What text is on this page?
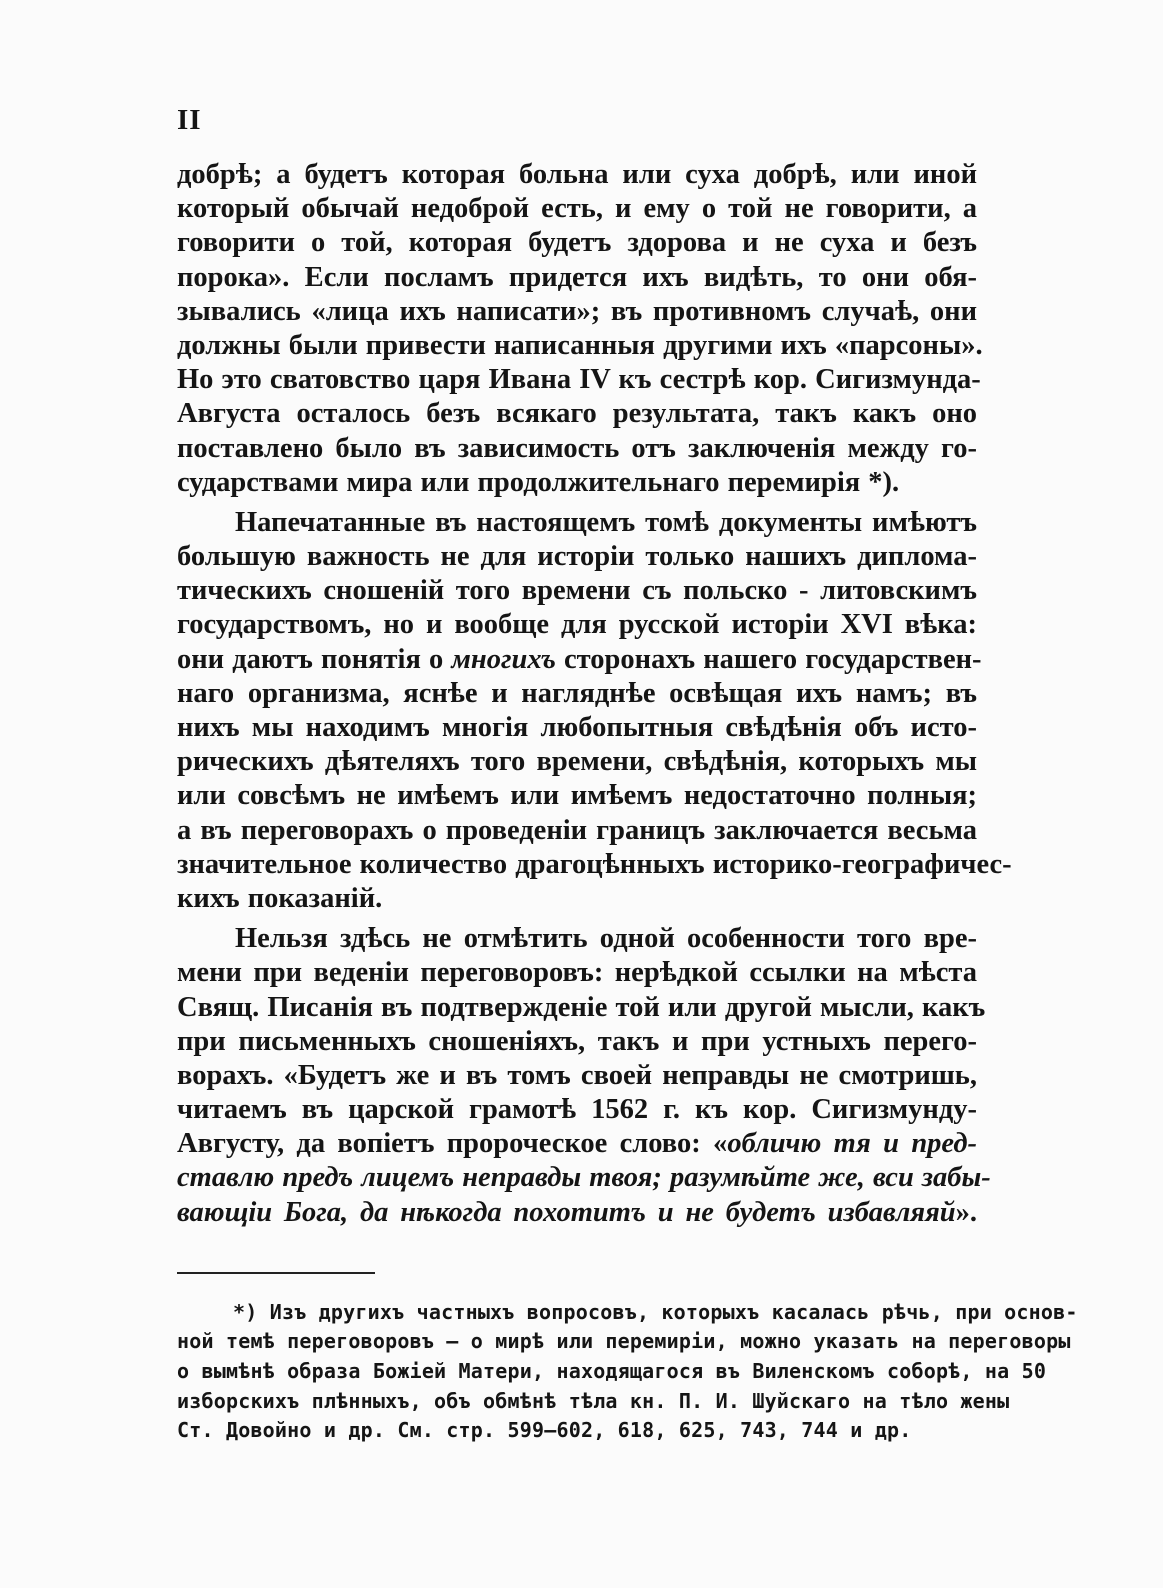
II
добрѣ; а будетъ которая больна или суха добрѣ, или иной
который обычай недоброй есть, и ему о той не говорити, а
говорити о той, которая будетъ здорова и не суха и безъ
порока». Если посламъ придется ихъ видѣть, то они обя-
зывались «лица ихъ написати»; въ противномъ случаѣ, они
должны были привести написанныя другими ихъ «парсоны».
Но это сватовство царя Ивана IV къ сестрѣ кор. Сигизмунда-
Августа осталось безъ всякаго результата, такъ какъ оно
поставлено было въ зависимость отъ заключенія между го-
сударствами мира или продолжительнаго перемирія *).
Напечатанные въ настоящемъ томѣ документы имѣютъ
большую важность не для исторіи только нашихъ диплома-
тическихъ сношеній того времени съ польско - литовскимъ
государствомъ, но и вообще для русской исторіи XVI вѣка:
они даютъ понятія о многихъ сторонахъ нашего государствен-
наго организма, яснѣе и нагляднѣе освѣщая ихъ намъ; въ
нихъ мы находимъ многія любопытныя свѣдѣнія объ исто-
рическихъ дѣятеляхъ того времени, свѣдѣнія, которыхъ мы
или совсѣмъ не имѣемъ или имѣемъ недостаточно полныя;
а въ переговорахъ о проведеніи границъ заключается весьма
значительное количество драгоцѣнныхъ историко-географичес-
кихъ показаній.
Нельзя здѣсь не отмѣтить одной особенности того вре-
мени при веденіи переговоровъ: нерѣдкой ссылки на мѣста
Свящ. Писанія въ подтвержденіе той или другой мысли, какъ
при письменныхъ сношеніяхъ, такъ и при устныхъ перего-
ворахъ. «Будетъ же и въ томъ своей неправды не смотришь,
читаемъ въ царской грамотѣ 1562 г. къ кор. Сигизмунду-
Августу, да вопіетъ пророческое слово: «обличю тя и пред-
ставлю предъ лицемъ неправды твоя; разумѣйте же, вси забы-
вающіи Бога, да нѣкогда похотитъ и не будетъ избавляяй».
*) Изъ другихъ частныхъ вопросовъ, которыхъ касалась рѣчь, при основ-
ной темѣ переговоровъ — о мирѣ или перемиріи, можно указать на переговоры
о вымѣнѣ образа Божіей Матери, находящагося въ Виленскомъ соборѣ, на 50
изборскихъ плѣнныхъ, объ обмѣнѣ тѣла кн. П. И. Шуйскаго на тѣло жены
Ст. Довойно и др. См. стр. 599—602, 618, 625, 743, 744 и др.
